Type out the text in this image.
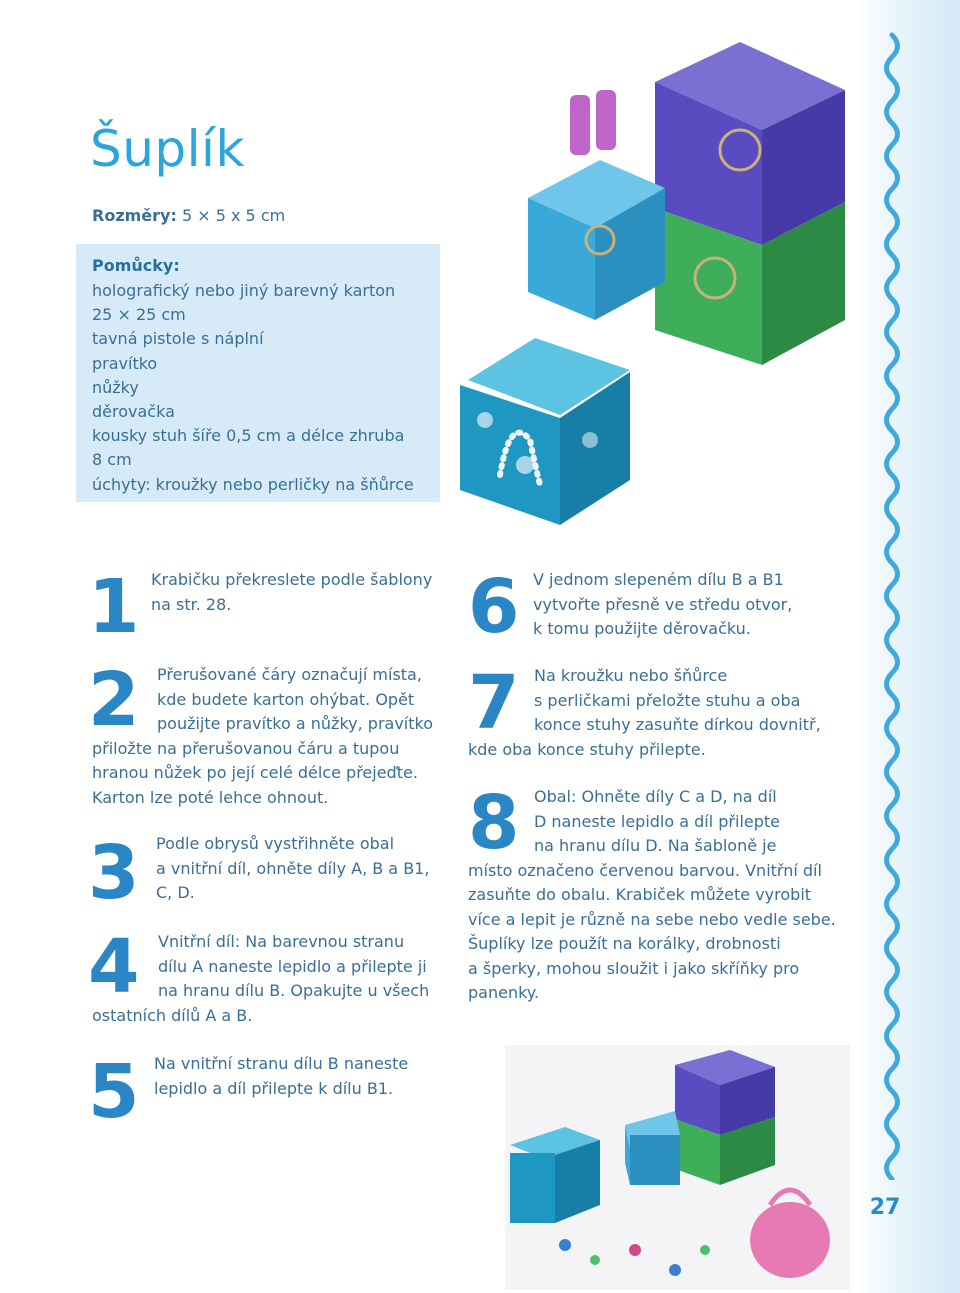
27
Šuplík
Rozměry: 5 × 5 x 5 cm
Pomůcky:
holografický nebo jiný barevný karton
25 × 25 cm
tavná pistole s náplní
pravítko
nůžky
děrovačka
kousky stuh šíře 0,5 cm a délce zhruba
8 cm
úchyty: kroužky nebo perličky na šňůrce
1 Krabičku překreslete podle šablony
na str. 28.
2	Přerušované čáry označují místa,
kde budete karton ohýbat. Opět
použijte pravítko a nůžky, pravítko
přiložte na přerušovanou čáru a tupou
hranou nůžek po její celé délce přejeďte.
Karton lze poté lehce ohnout.
3 Podle obrysů vystřihněte obal
a vnitřní díl, ohněte díly A, B a B1,
C, D.
4	Vnitřní díl: Na barevnou stranu
dílu A naneste lepidlo a přilepte ji
na hranu dílu B. Opakujte u všech
ostatních dílů A a B.
5 Na vnitřní stranu dílu B naneste
lepidlo a díl přilepte k dílu B1.
6 V jednom slepeném dílu B a B1
vytvořte přesně ve středu otvor,
k tomu použijte děrovačku.
7 Na kroužku nebo šňůrce
s perličkami přeložte stuhu a oba
konce stuhy zasuňte dírkou dovnitř,
kde oba konce stuhy přilepte.
8 Obal: Ohněte díly C a D, na díl
D naneste lepidlo a díl přilepte
na hranu dílu D. Na šabloně je
místo označeno červenou barvou. Vnitřní díl
zasuňte do obalu. Krabiček můžete vyrobit
více a lepit je různě na sebe nebo vedle sebe.
Šuplíky lze použít na korálky, drobnosti
a šperky, mohou sloužit i jako skříňky pro
panenky.
